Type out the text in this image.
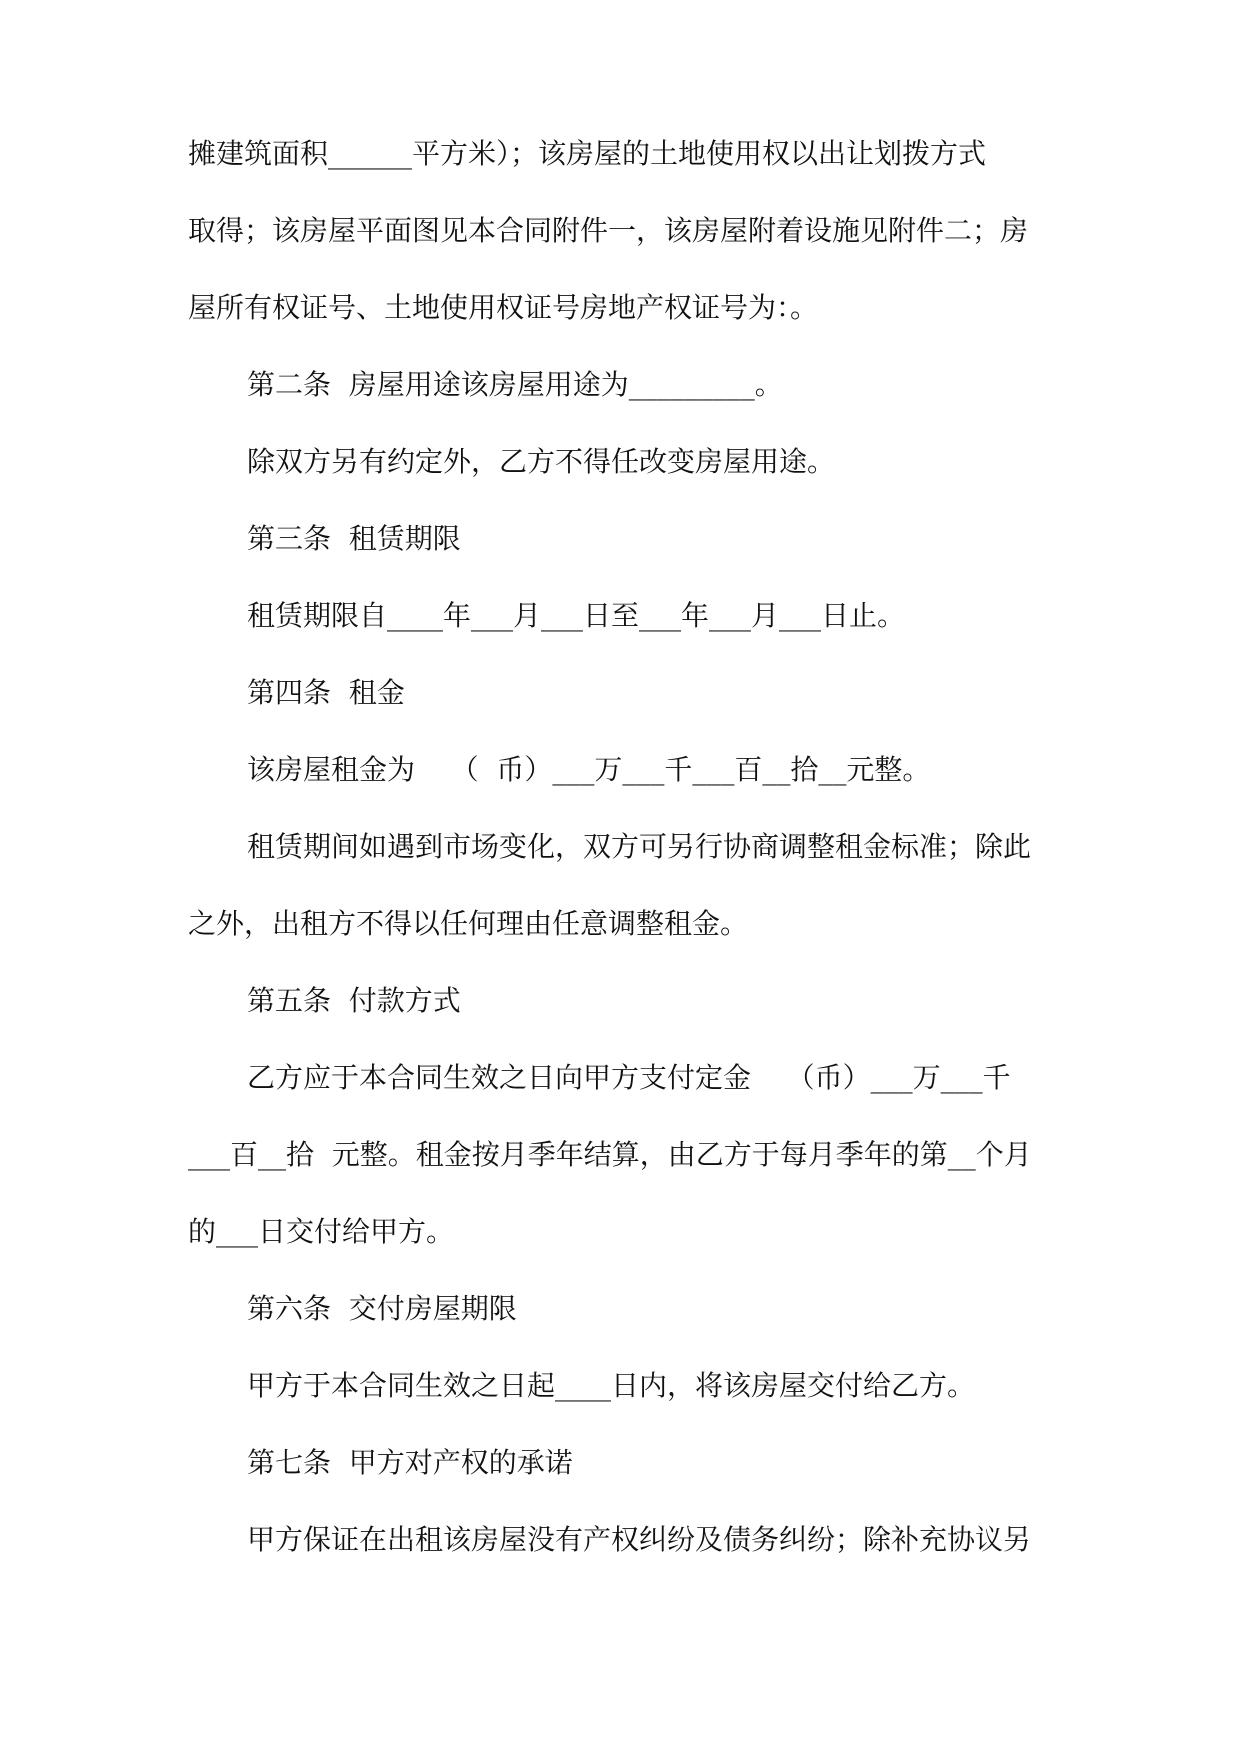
摊建筑面积______平方米）；该房屋的土地使用权以出让划拨方式
取得；该房屋平面图见本合同附件一，该房屋附着设施见附件二；房
屋所有权证号、土地使用权证号房地产权证号为：。
第二条  房屋用途该房屋用途为_________。
除双方另有约定外，乙方不得任改变房屋用途。
第三条  租赁期限
租赁期限自____年___月___日至___年___月___日止。
第四条  租金
该房屋租金为    （  币）___万___千___百__拾__元整。
租赁期间如遇到市场变化，双方可另行协商调整租金标准；除此
之外，出租方不得以任何理由任意调整租金。
第五条  付款方式
乙方应于本合同生效之日向甲方支付定金    （币）___万___千
___百__拾  元整。租金按月季年结算，由乙方于每月季年的第__个月
的___日交付给甲方。
第六条  交付房屋期限
甲方于本合同生效之日起____日内，将该房屋交付给乙方。
第七条  甲方对产权的承诺
甲方保证在出租该房屋没有产权纠纷及债务纠纷；除补充协议另
